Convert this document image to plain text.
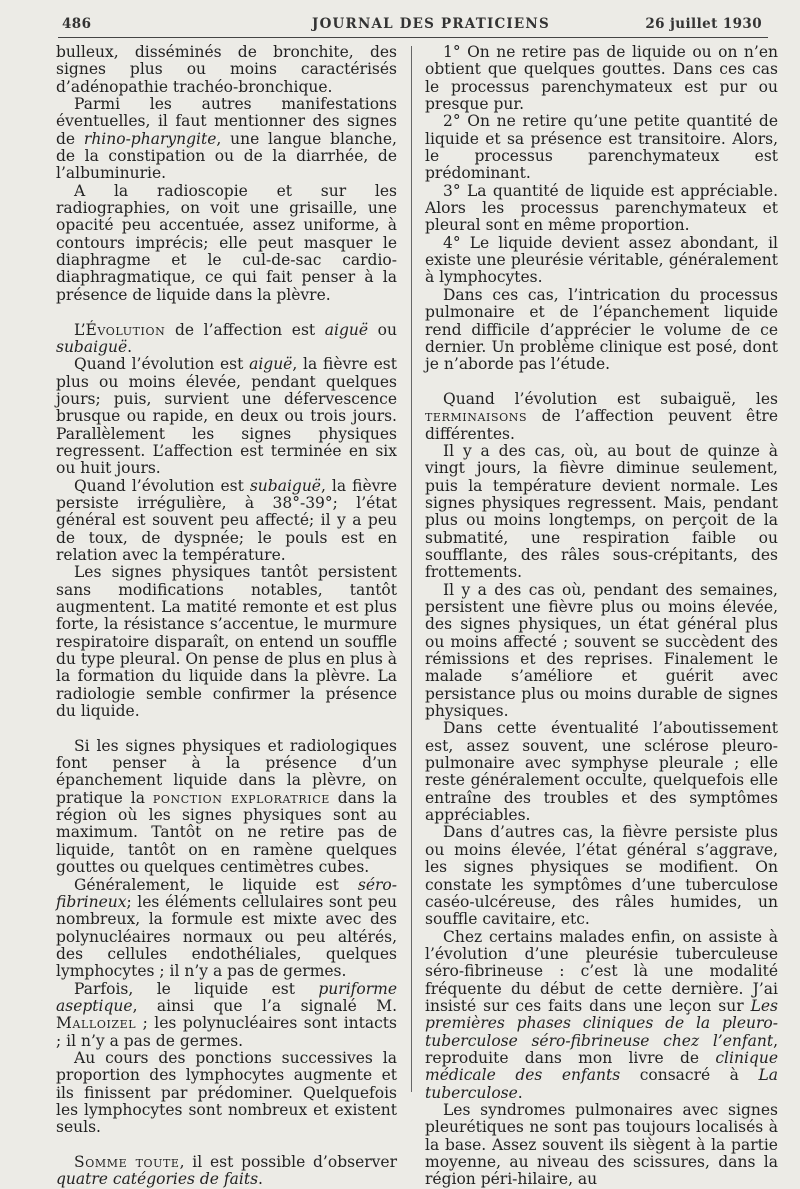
486	JOURNAL DES PRATICIENS	26 juillet 1930

bulleux, disséminés de bronchite, des signes plus ou moins caractérisés d’adénopathie trachéo-bronchique.

Parmi les autres manifestations éventuelles, il faut mentionner des signes de rhino-pharyngite, une langue blanche, de la constipation ou de la diarrhée, de l’albuminurie.

A la radioscopie et sur les radiographies, on voit une grisaille, une opacité peu accentuée, assez uniforme, à contours imprécis; elle peut masquer le diaphragme et le cul-de-sac cardio-diaphragmatique, ce qui fait penser à la présence de liquide dans la plèvre.

L’Évolution de l’affection est aiguë ou subaiguë.

Quand l’évolution est aiguë, la fièvre est plus ou moins élevée, pendant quelques jours; puis, survient une défervescence brusque ou rapide, en deux ou trois jours. Parallèlement les signes physiques regressent. L’affection est terminée en six ou huit jours.

Quand l’évolution est subaiguë, la fièvre persiste irrégulière, à 38°-39°; l’état général est souvent peu affecté; il y a peu de toux, de dyspnée; le pouls est en relation avec la température.

Les signes physiques tantôt persistent sans modifications notables, tantôt augmentent. La matité remonte et est plus forte, la résistance s’accentue, le murmure respiratoire disparaît, on entend un souffle du type pleural. On pense de plus en plus à la formation du liquide dans la plèvre. La radiologie semble confirmer la présence du liquide.

Si les signes physiques et radiologiques font penser à la présence d’un épanchement liquide dans la plèvre, on pratique la ponction exploratrice dans la région où les signes physiques sont au maximum. Tantôt on ne retire pas de liquide, tantôt on en ramène quelques gouttes ou quelques centimètres cubes.

Généralement, le liquide est séro-fibrineux; les éléments cellulaires sont peu nombreux, la formule est mixte avec des polynucléaires normaux ou peu altérés, des cellules endothéliales, quelques lymphocytes ; il n’y a pas de germes.

Parfois, le liquide est puriforme aseptique, ainsi que l’a signalé M. Malloizel ; les polynucléaires sont intacts ; il n’y a pas de germes.

Au cours des ponctions successives la proportion des lymphocytes augmente et ils finissent par prédominer. Quelquefois les lymphocytes sont nombreux et existent seuls.

Somme toute, il est possible d’observer quatre catégories de faits.

1° On ne retire pas de liquide ou on n’en obtient que quelques gouttes. Dans ces cas le processus parenchymateux est pur ou presque pur.

2° On ne retire qu’une petite quantité de liquide et sa présence est transitoire. Alors, le processus parenchymateux est prédominant.

3° La quantité de liquide est appréciable. Alors les processus parenchymateux et pleural sont en même proportion.

4° Le liquide devient assez abondant, il existe une pleurésie véritable, généralement à lymphocytes.

Dans ces cas, l’intrication du processus pulmonaire et de l’épanchement liquide rend difficile d’apprécier le volume de ce dernier. Un problème clinique est posé, dont je n’aborde pas l’étude.

Quand l’évolution est subaiguë, les terminaisons de l’affection peuvent être différentes.

Il y a des cas, où, au bout de quinze à vingt jours, la fièvre diminue seulement, puis la température devient normale. Les signes physiques regressent. Mais, pendant plus ou moins longtemps, on perçoit de la submatité, une respiration faible ou soufflante, des râles sous-crépitants, des frottements.

Il y a des cas où, pendant des semaines, persistent une fièvre plus ou moins élevée, des signes physiques, un état général plus ou moins affecté ; souvent se succèdent des rémissions et des reprises. Finalement le malade s’améliore et guérit avec persistance plus ou moins durable de signes physiques.

Dans cette éventualité l’aboutissement est, assez souvent, une sclérose pleuro-pulmonaire avec symphyse pleurale ; elle reste généralement occulte, quelquefois elle entraîne des troubles et des symptômes appréciables.

Dans d’autres cas, la fièvre persiste plus ou moins élevée, l’état général s’aggrave, les signes physiques se modifient. On constate les symptômes d’une tuberculose caséo-ulcéreuse, des râles humides, un souffle cavitaire, etc.

Chez certains malades enfin, on assiste à l’évolution d’une pleurésie tuberculeuse séro-fibrineuse : c’est là une modalité fréquente du début de cette dernière. J’ai insisté sur ces faits dans une leçon sur Les premières phases cliniques de la pleuro-tuberculose séro-fibrineuse chez l’enfant, reproduite dans mon livre de clinique médicale des enfants consacré à La tuberculose.

Les syndromes pulmonaires avec signes pleurétiques ne sont pas toujours localisés à la base. Assez souvent ils siègent à la partie moyenne, au niveau des scissures, dans la région péri-hilaire, au
